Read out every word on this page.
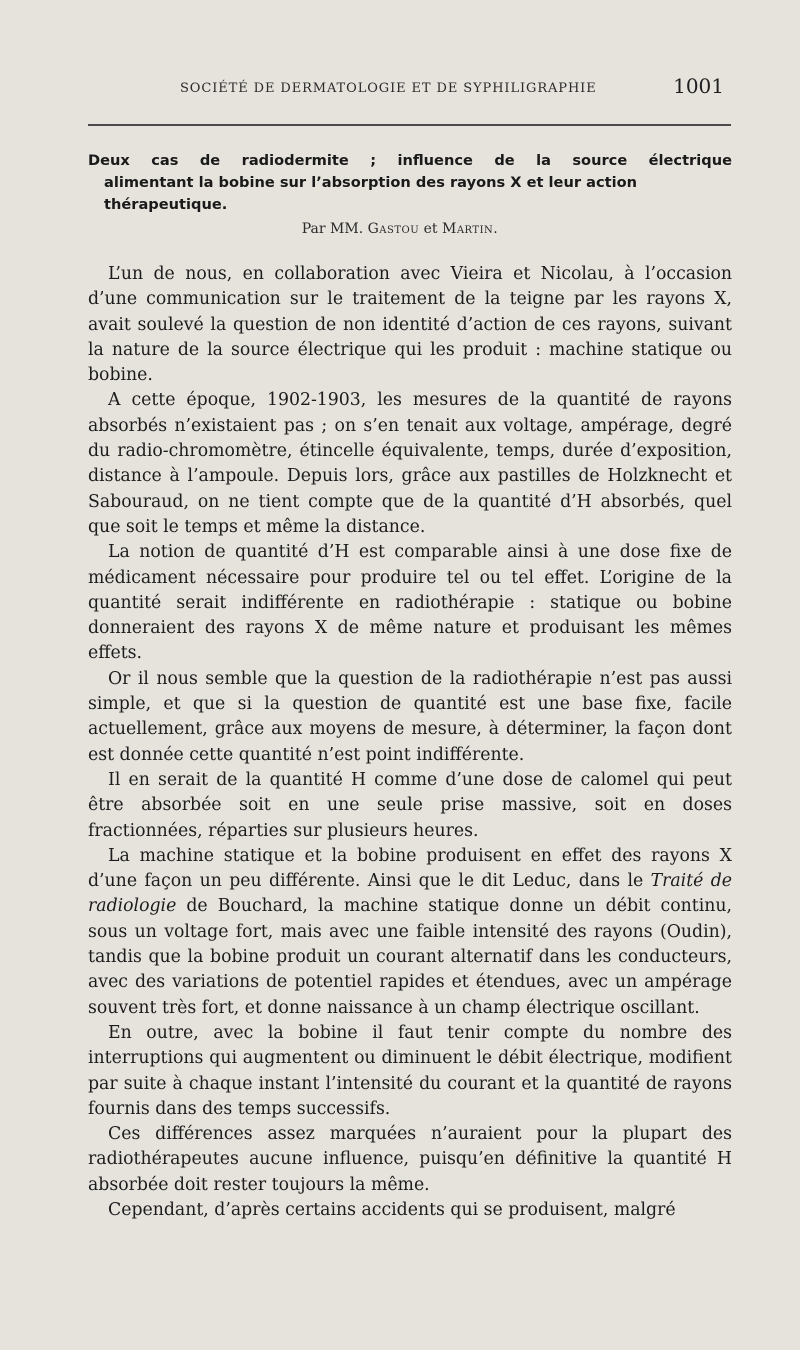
SOCIÉTÉ DE DERMATOLOGIE ET DE SYPHILIGRAPHIE	1001
Deux cas de radiodermite ; influence de la source électrique
alimentant la bobine sur l’absorption des rayons X et leur action
thérapeutique.
Par MM. Gastou et Martin.

L’un de nous, en collaboration avec Vieira et Nicolau, à l’occasion d’une communication sur le traitement de la teigne par les rayons X, avait soulevé la question de non identité d’action de ces rayons, suivant la nature de la source électrique qui les produit : machine statique ou bobine.

A cette époque, 1902-1903, les mesures de la quantité de rayons absorbés n’existaient pas ; on s’en tenait aux voltage, ampérage, degré du radio-chromomètre, étincelle équivalente, temps, durée d’exposition, distance à l’ampoule. Depuis lors, grâce aux pastilles de Holzknecht et Sabouraud, on ne tient compte que de la quantité d’H absorbés, quel que soit le temps et même la distance.

La notion de quantité d’H est comparable ainsi à une dose fixe de médicament nécessaire pour produire tel ou tel effet. L’origine de la quantité serait indifférente en radiothérapie : statique ou bobine donneraient des rayons X de même nature et produisant les mêmes effets.

Or il nous semble que la question de la radiothérapie n’est pas aussi simple, et que si la question de quantité est une base fixe, facile actuellement, grâce aux moyens de mesure, à déterminer, la façon dont est donnée cette quantité n’est point indifférente.

Il en serait de la quantité H comme d’une dose de calomel qui peut être absorbée soit en une seule prise massive, soit en doses fractionnées, réparties sur plusieurs heures.

La machine statique et la bobine produisent en effet des rayons X d’une façon un peu différente. Ainsi que le dit Leduc, dans le Traité de radiologie de Bouchard, la machine statique donne un débit continu, sous un voltage fort, mais avec une faible intensité des rayons (Oudin), tandis que la bobine produit un courant alternatif dans les conducteurs, avec des variations de potentiel rapides et étendues, avec un ampérage souvent très fort, et donne naissance à un champ électrique oscillant.

En outre, avec la bobine il faut tenir compte du nombre des interruptions qui augmentent ou diminuent le débit électrique, modifient par suite à chaque instant l’intensité du courant et la quantité de rayons fournis dans des temps successifs.

Ces différences assez marquées n’auraient pour la plupart des radiothérapeutes aucune influence, puisqu’en définitive la quantité H absorbée doit rester toujours la même.

Cependant, d’après certains accidents qui se produisent, malgré
